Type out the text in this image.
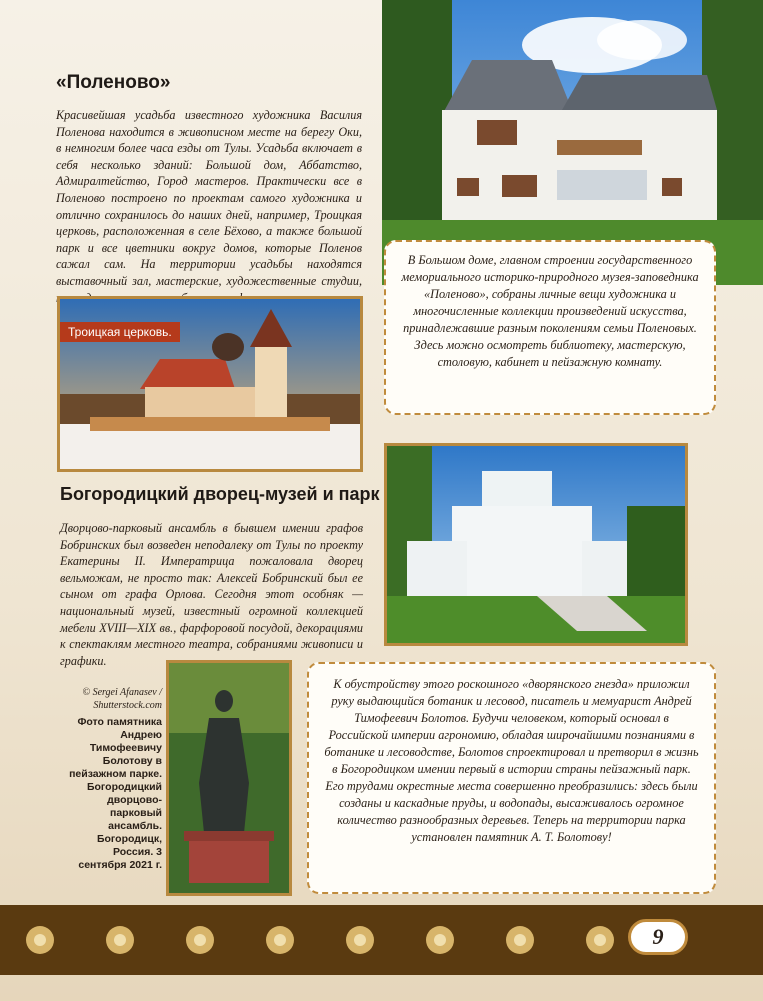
«Поленово»
Красивейшая усадьба известного художника Василия Поленова находится в живописном месте на берегу Оки, в немногим более часа езды от Тулы. Усадьба включает в себя несколько зданий: Большой дом, Аббатство, Адмиралтейство, Город мастеров. Практически все в Поленово построено по проектам самого художника и отлично сохранилось до наших дней, например, Троицкая церковь, расположенная в селе Бёхово, а также большой парк и все цветники вокруг домов, которые Поленов сажал сам. На территории усадьбы находятся выставочный зал, мастерские, художественные студии,
Троицкая церковь.
В Большом доме, главном строении государственного мемориального историко-природного музея-заповедника «Поленово», собраны личные вещи художника и многочисленные коллекции произведений искусства, принадлежавшие разным поколениям семьи Поленовых. Здесь можно осмотреть библиотеку, мастерскую, столовую, кабинет и пейзажную комнату.
Богородицкий дворец-музей и парк
Дворцово-парковый ансамбль в бывшем имении графов Бобринских был возведен неподалеку от Тулы по проекту Екатерины II. Императрица пожаловала дворец вельможам, не просто так: Алексей Бобринский был ее сыном от графа Орлова. Сегодня этот особняк — национальный музей, известный огромной коллекцией мебели XVIII—XIX вв., фарфоровой посудой, декорациями к спектаклям местного театра, собраниями живописи и графики.
© Sergei Afanasev / Shutterstock.com
Фото памятника Андрею Тимофеевичу Болотову в пейзажном парке. Богородицкий дворцово-парковый ансамбль. Богородицк, Россия. 3 сентября 2021 г.
К обустройству этого роскошного «дворянского гнезда» приложил руку выдающийся ботаник и лесовод, писатель и мемуарист Андрей Тимофеевич Болотов. Будучи человеком, который основал в Российской империи агрономию, обладая широчайшими познаниями в ботанике и лесоводстве, Болотов спроектировал и претворил в жизнь в Богородицком имении первый в истории страны пейзажный парк. Его трудами окрестные места совершенно преобразились: здесь были созданы и каскадные пруды, и водопады, высаживалось огромное количество разнообразных деревьев. Теперь на территории парка установлен памятник А. Т. Болотову!
9
